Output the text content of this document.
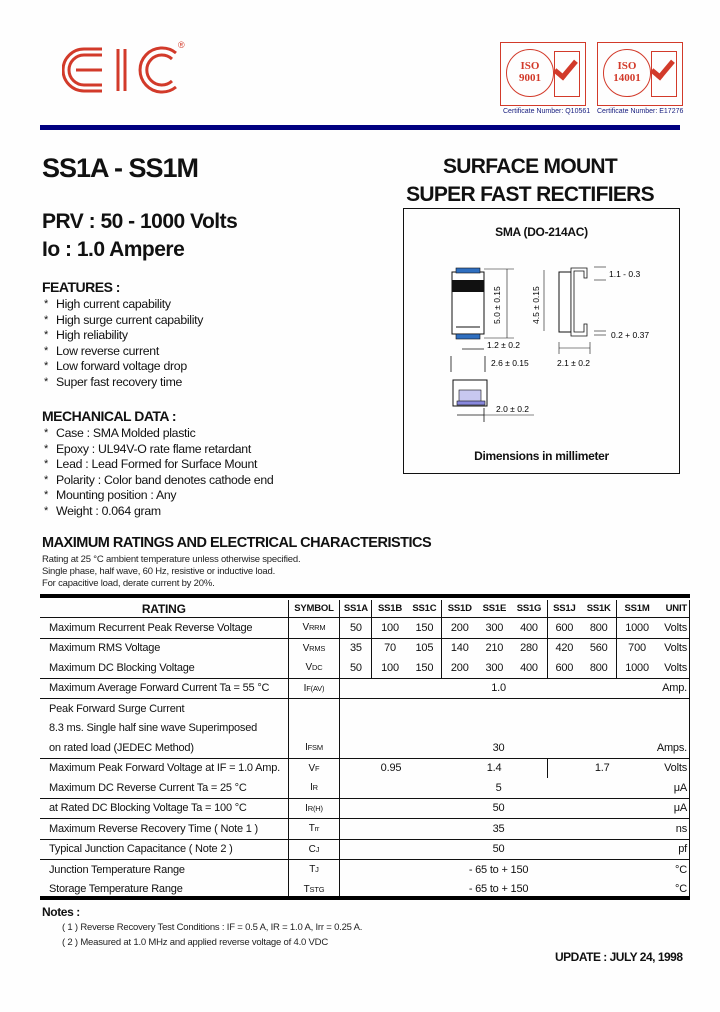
®
ISO
9001
ISO
14001
Certificate Number: Q10561 Certificate Number: E17276
SS1A - SS1M
PRV : 50 - 1000 Volts
Io : 1.0 Ampere
SURFACE MOUNT
SUPER FAST RECTIFIERS
FEATURES :
* High current capability
* High surge current capability
* High reliability
* Low reverse current
* Low forward voltage drop
* Super fast recovery time
MECHANICAL DATA :
* Case : SMA Molded plastic
* Epoxy : UL94V-O rate flame retardant
* Lead : Lead Formed for Surface Mount
* Polarity : Color band denotes cathode end
* Mounting position : Any
* Weight : 0.064 gram
SMA (DO-214AC)
5.0 ± 0.15
1.2 ± 0.2
2.6 ± 0.15
4.5 ± 0.15
1.1 - 0.3
0.2 + 0.37
2.1 ± 0.2
2.0 ± 0.2
Dimensions in millimeter
MAXIMUM RATINGS AND ELECTRICAL CHARACTERISTICS
Rating at 25 °C ambient temperature unless otherwise specified.
Single phase, half wave, 60 Hz, resistive or inductive load.
For capacitive load, derate current by 20%.
RATING	SYMBOL	SS1A	SS1B	SS1C	SS1D	SS1E	SS1G	SS1J	SS1K	SS1M	UNIT
Maximum Recurrent Peak Reverse Voltage	VRRM	50	100	150	200	300	400	600	800	1000	Volts
Maximum RMS Voltage	VRMS	35	70	105	140	210	280	420	560	700	Volts
Maximum DC Blocking Voltage	VDC	50	100	150	200	300	400	600	800	1000	Volts
Maximum Average Forward Current Ta = 55 °C	IF(AV)	1.0									Amp.
Peak Forward Surge Current											
8.3 ms. Single half sine wave Superimposed											
on rated load (JEDEC Method)	IFSM	30									Amps.
Maximum Peak Forward Voltage at IF = 1.0 Amp.	VF	0.95			1.4			1.7			Volts
Maximum DC Reverse Current Ta = 25 °C	IR	5									μA
at Rated DC Blocking Voltage Ta = 100 °C	IR(H)	50									μA
Maximum Reverse Recovery Time ( Note 1 )	Trr	35									ns
Typical Junction Capacitance ( Note 2 )	CJ	50									pf
Junction Temperature Range	TJ	- 65 to + 150									°C
Storage Temperature Range	TSTG	- 65 to + 150									°C
Notes :
( 1 ) Reverse Recovery Test Conditions : IF = 0.5 A, IR = 1.0 A, Irr = 0.25 A.
( 2 ) Measured at 1.0 MHz and applied reverse voltage of 4.0 VDC
UPDATE : JULY 24, 1998
